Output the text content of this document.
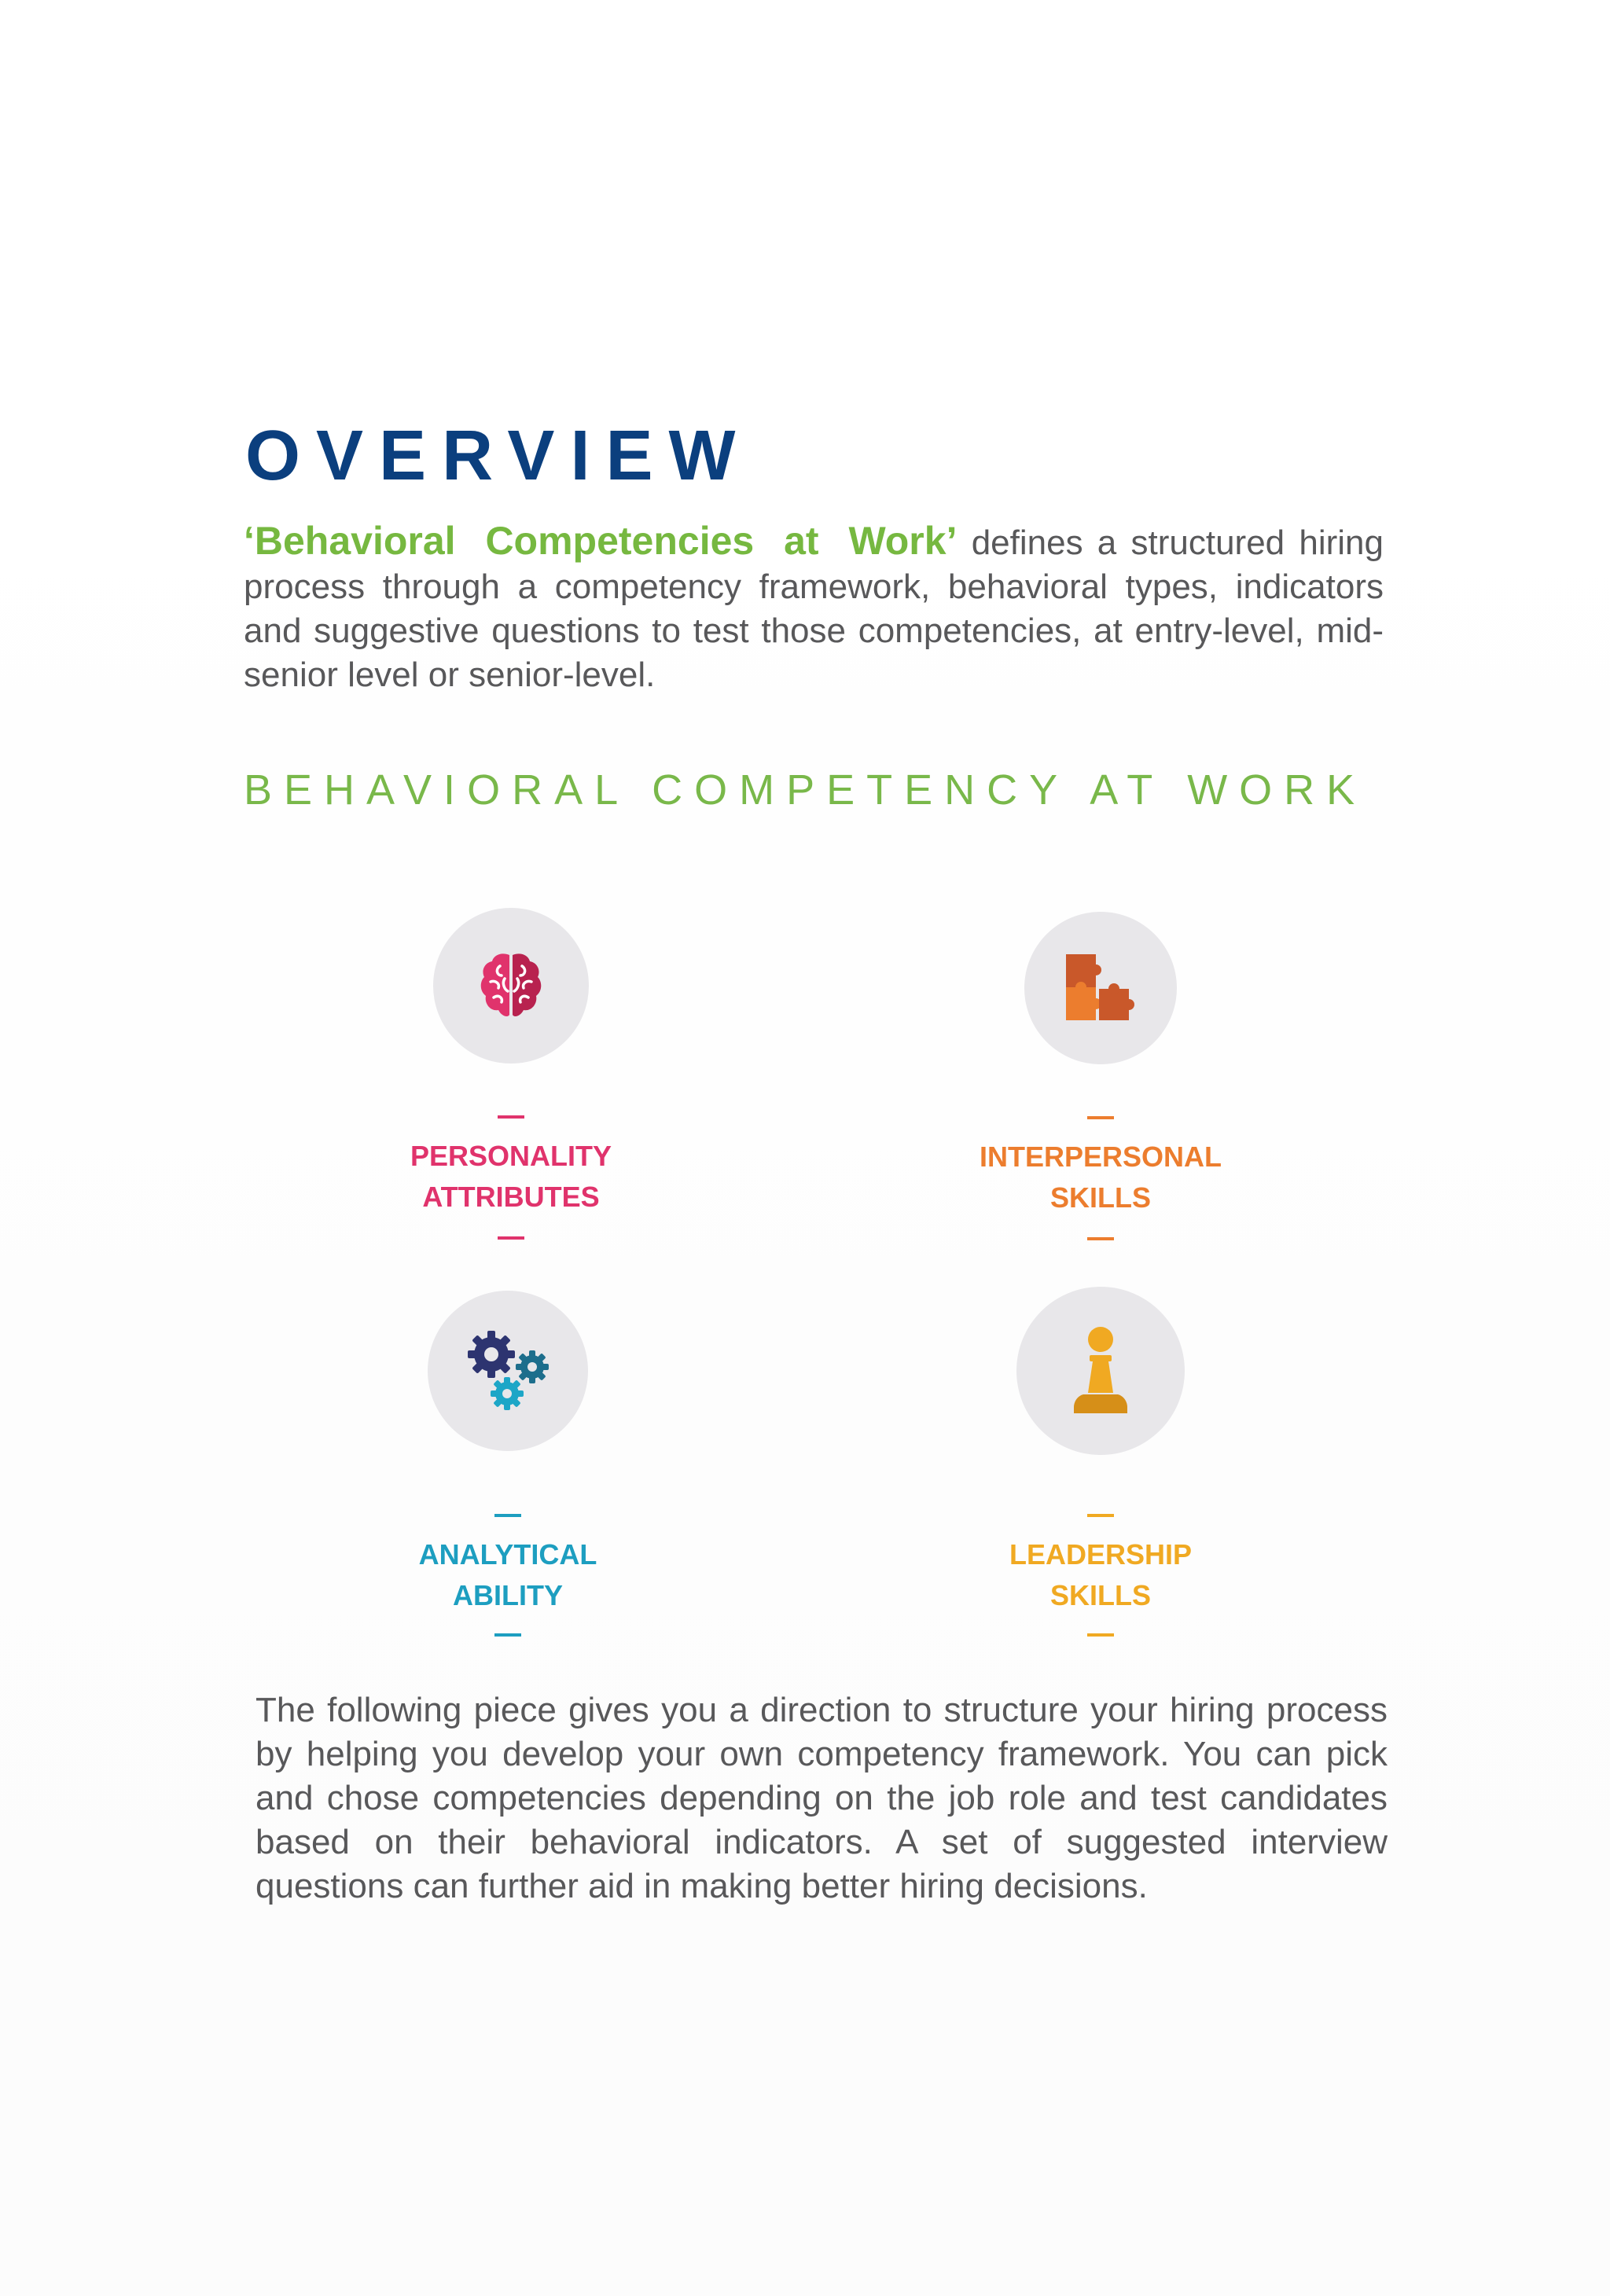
OVERVIEW

‘Behavioral Competencies at Work’ defines a structured hiring process through a competency framework, behavioral types, indicators and suggestive questions to test those competencies, at entry-level, mid-senior level or senior-level.

BEHAVIORAL COMPETENCY AT WORK
PERSONALITY
ATTRIBUTES
INTERPERSONAL
SKILLS
ANALYTICAL
ABILITY
LEADERSHIP
SKILLS

The following piece gives you a direction to structure your hiring process by helping you develop your own competency framework. You can pick and chose competencies depending on the job role and test candidates based on their behavioral indicators. A set of suggested interview questions can further aid in making better hiring decisions.
